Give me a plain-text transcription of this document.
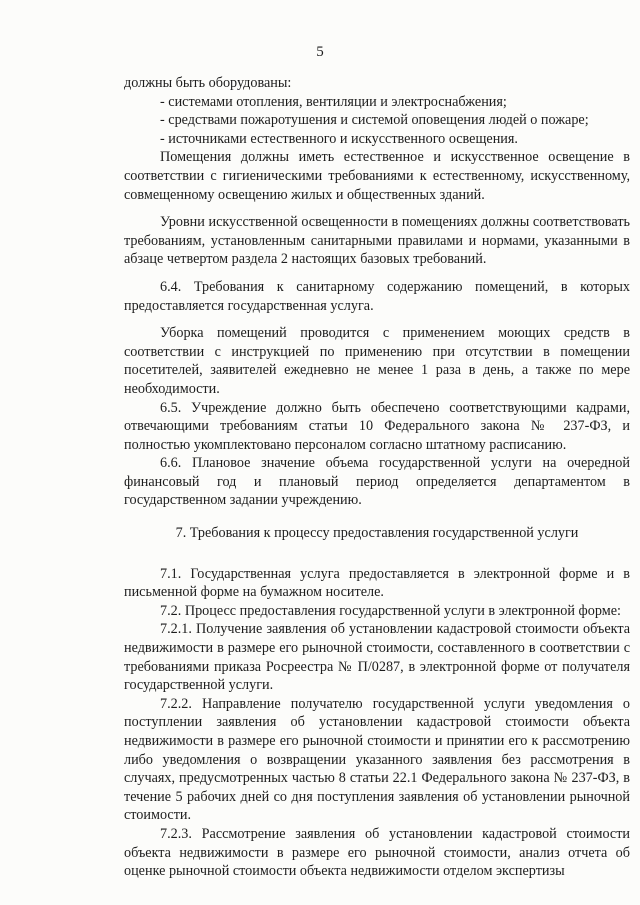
5

должны быть оборудованы:

- системами отопления, вентиляции и электроснабжения;

- средствами пожаротушения и системой оповещения людей о пожаре;

- источниками естественного и искусственного освещения.

Помещения должны иметь естественное и искусственное освещение в соответствии с гигиеническими требованиями к естественному, искусственному, совмещенному освещению жилых и общественных зданий.

Уровни искусственной освещенности в помещениях должны соответствовать требованиям, установленным санитарными правилами и нормами, указанными в абзаце четвертом раздела 2 настоящих базовых требований.

6.4. Требования к санитарному содержанию помещений, в которых предоставляется государственная услуга.

Уборка помещений проводится с применением моющих средств в соответствии с инструкцией по применению при отсутствии в помещении посетителей, заявителей ежедневно не менее 1 раза в день, а также по мере необходимости.

6.5. Учреждение должно быть обеспечено соответствующими кадрами, отвечающими требованиям статьи 10 Федерального закона № 237-ФЗ, и полностью укомплектовано персоналом согласно штатному расписанию.

6.6. Плановое значение объема государственной услуги на очередной финансовый год и плановый период определяется департаментом в государственном задании учреждению.

7. Требования к процессу предоставления государственной услуги

7.1. Государственная услуга предоставляется в электронной форме и в письменной форме на бумажном носителе.

7.2. Процесс предоставления государственной услуги в электронной форме:

7.2.1. Получение заявления об установлении кадастровой стоимости объекта недвижимости в размере его рыночной стоимости, составленного в соответствии с требованиями приказа Росреестра № П/0287, в электронной форме от получателя государственной услуги.

7.2.2. Направление получателю государственной услуги уведомления о поступлении заявления об установлении кадастровой стоимости объекта недвижимости в размере его рыночной стоимости и принятии его к рассмотрению либо уведомления о возвращении указанного заявления без рассмотрения в случаях, предусмотренных частью 8 статьи 22.1 Федерального закона № 237-ФЗ, в течение 5 рабочих дней со дня поступления заявления об установлении рыночной стоимости.

7.2.3. Рассмотрение заявления об установлении кадастровой стоимости объекта недвижимости в размере его рыночной стоимости, анализ отчета об оценке рыночной стоимости объекта недвижимости отделом экспертизы
